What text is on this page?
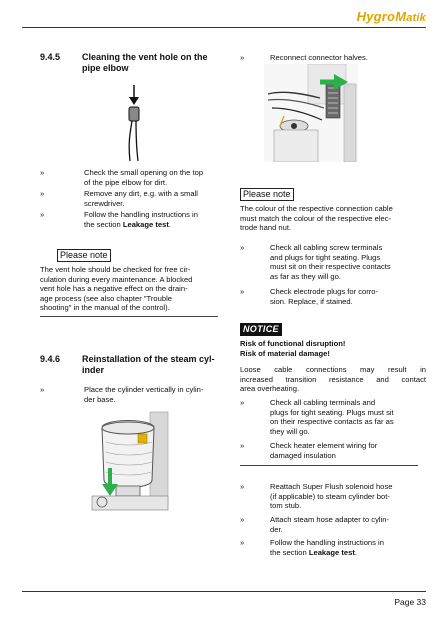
HygroMatik
9.4.5 Cleaning the vent hole on the
pipe elbow
»	Check the small opening on the top
of the pipe elbow for dirt.
»	Remove any dirt, e.g. with a small
screwdriver.
»	Follow the handling instructions in
the section Leakage test.
Please note
The vent hole should be checked for free cir-
culation during every maintenance. A blocked
vent hole has a negative effect on the drain-
age process (see also chapter "Trouble
shooting" in the manual of the control).
9.4.6 Reinstallation of the steam cyl-
inder
»	Place the cylinder vertically in cylin-
der base.
»	Reconnect connector halves.
Please note
The colour of the respective connection cable
must match the colour of the respective elec-
trode hand nut.
»	Check all cabling screw terminals
and plugs for tight seating. Plugs
must sit on their respective contacts
as far as they will go.
»	Check electrode plugs for corro-
sion. Replace, if stained.
NOTICE
Risk of functional disruption!
Risk of material damage!
Loose cable connections may result in
increased transition resistance and contact
area overheating.
»	Check all cabling terminals and
plugs for tight seating. Plugs must sit
on their respective contacts as far as
they will go.
»	Check heater element wiring for
damaged insulation
»	Reattach Super Flush solenoid hose
(if applicable) to steam cylinder bot-
tom stub.
»	Attach steam hose adapter to cylin-
der.
»	Follow the handling instructions in
the section Leakage test.
Page 33
